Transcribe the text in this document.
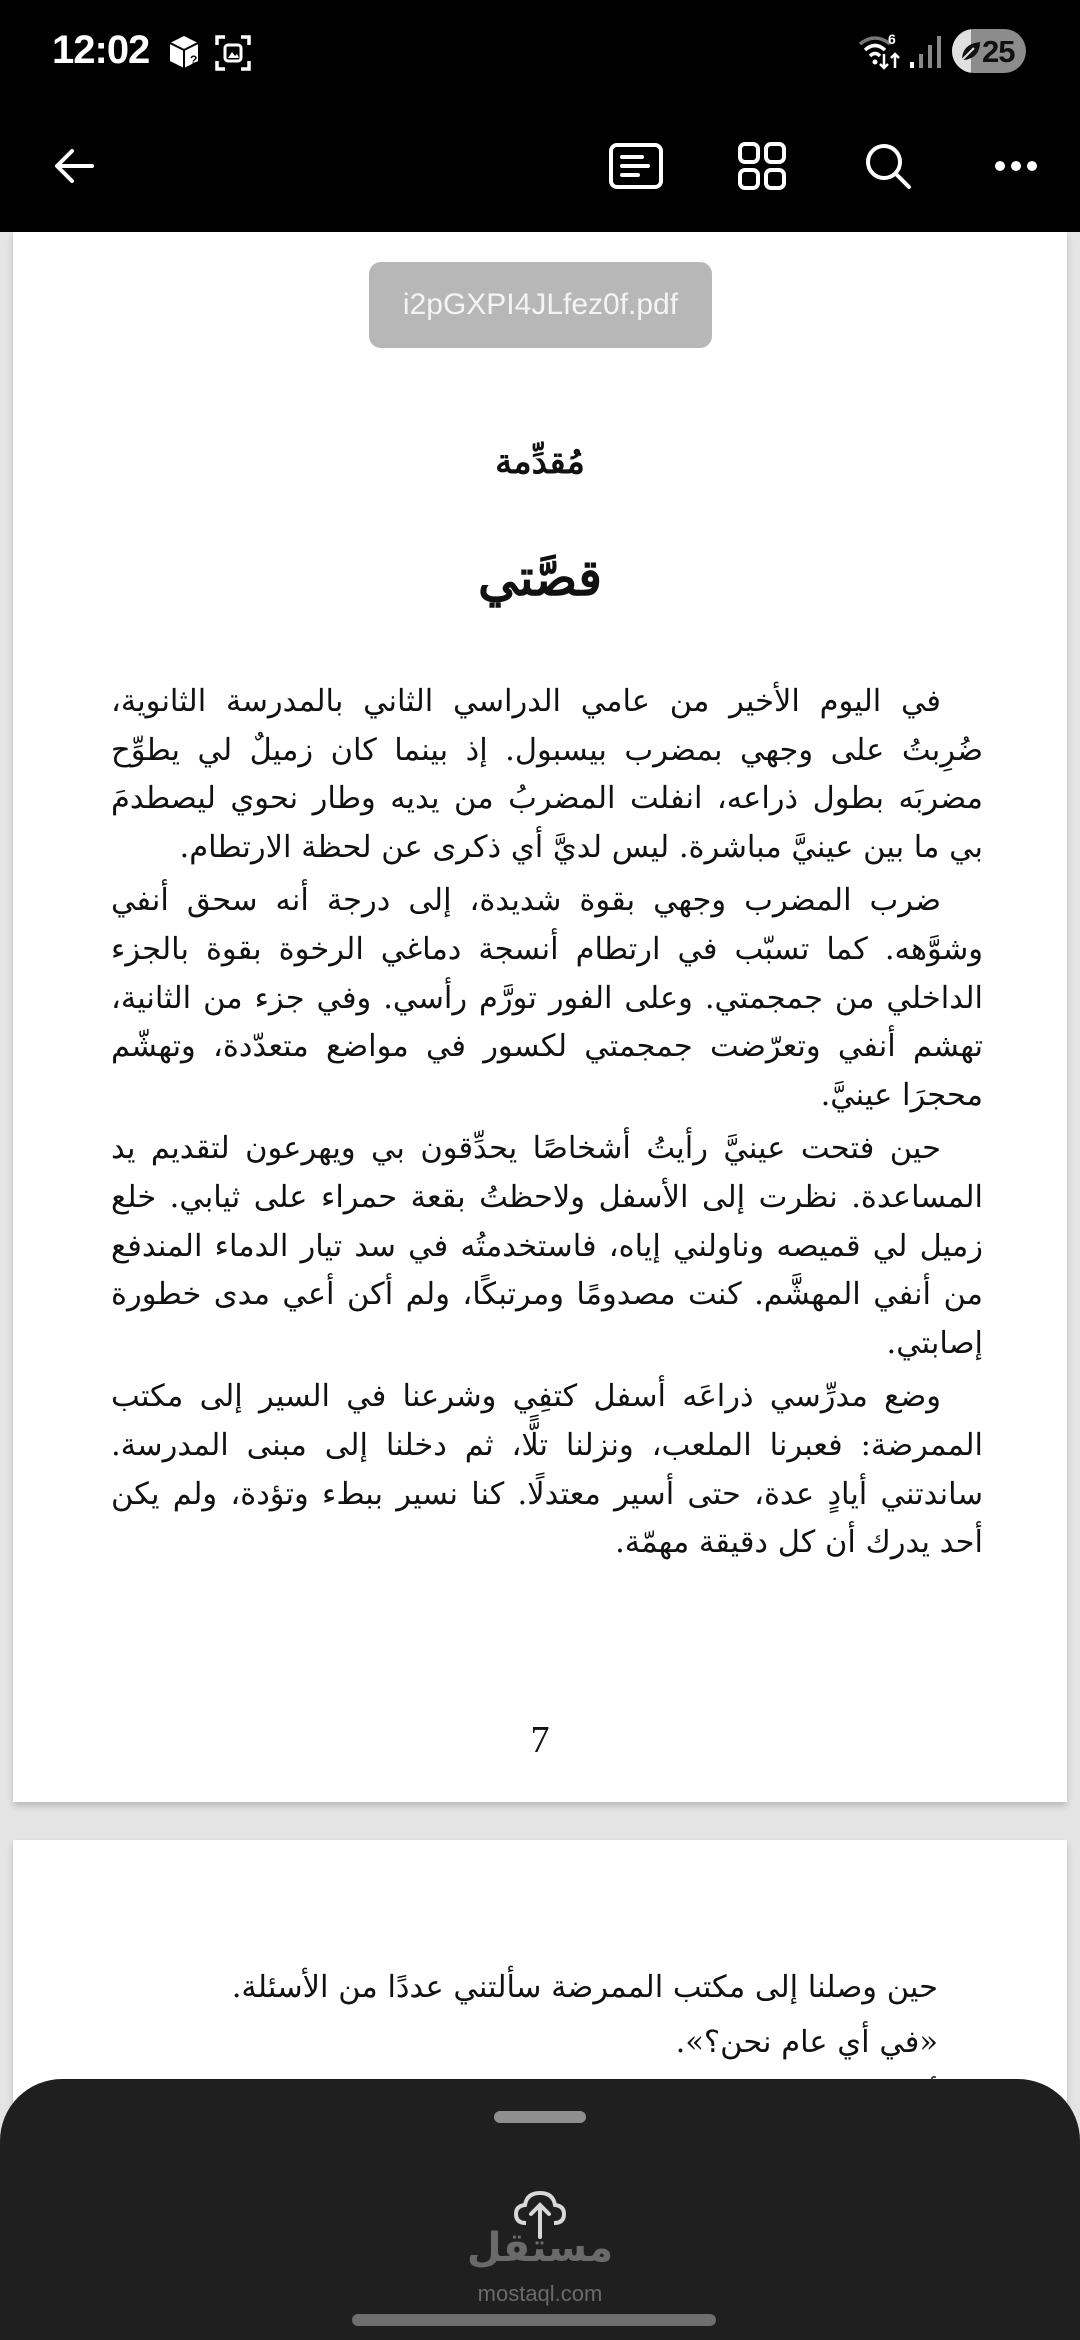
12:02	?
6	25
i2pGXPI4JLfez0f.pdf
مُقدِّمة
قصَّتي

في اليوم الأخير من عامي الدراسي الثاني بالمدرسة الثانوية، ضُرِبتُ على وجهي بمضرب بيسبول. إذ بينما كان زميلٌ لي يطوِّح مضربَه بطول ذراعه، انفلت المضربُ من يديه وطار نحوي ليصطدمَ بي ما بين عينيَّ مباشرة. ليس لديَّ أي ذكرى عن لحظة الارتطام.

ضرب المضرب وجهي بقوة شديدة، إلى درجة أنه سحق أنفي وشوَّهه. كما تسبّب في ارتطام أنسجة دماغي الرخوة بقوة بالجزء الداخلي من جمجمتي. وعلى الفور تورَّم رأسي. وفي جزء من الثانية، تهشم أنفي وتعرّضت جمجمتي لكسور في مواضع متعدّدة، وتهشّم محجرَا عينيَّ.

حين فتحت عينيَّ رأيتُ أشخاصًا يحدِّقون بي ويهرعون لتقديم يد المساعدة. نظرت إلى الأسفل ولاحظتُ بقعة حمراء على ثيابي. خلع زميل لي قميصه وناولني إياه، فاستخدمتُه في سد تيار الدماء المندفع من أنفي المهشَّم. كنت مصدومًا ومرتبكًا، ولم أكن أعي مدى خطورة إصابتي.

وضع مدرِّسي ذراعَه أسفل كتفِي وشرعنا في السير إلى مكتب الممرضة: فعبرنا الملعب، ونزلنا تلًّا، ثم دخلنا إلى مبنى المدرسة. ساندتني أيادٍ عدة، حتى أسير معتدلًا. كنا نسير ببطء وتؤدة، ولم يكن أحد يدرك أن كل دقيقة مهمّة.

7
حين وصلنا إلى مكتب الممرضة سألتني عددًا من الأسئلة.
«في أي عام نحن؟».
مستقل
mostaql.com
